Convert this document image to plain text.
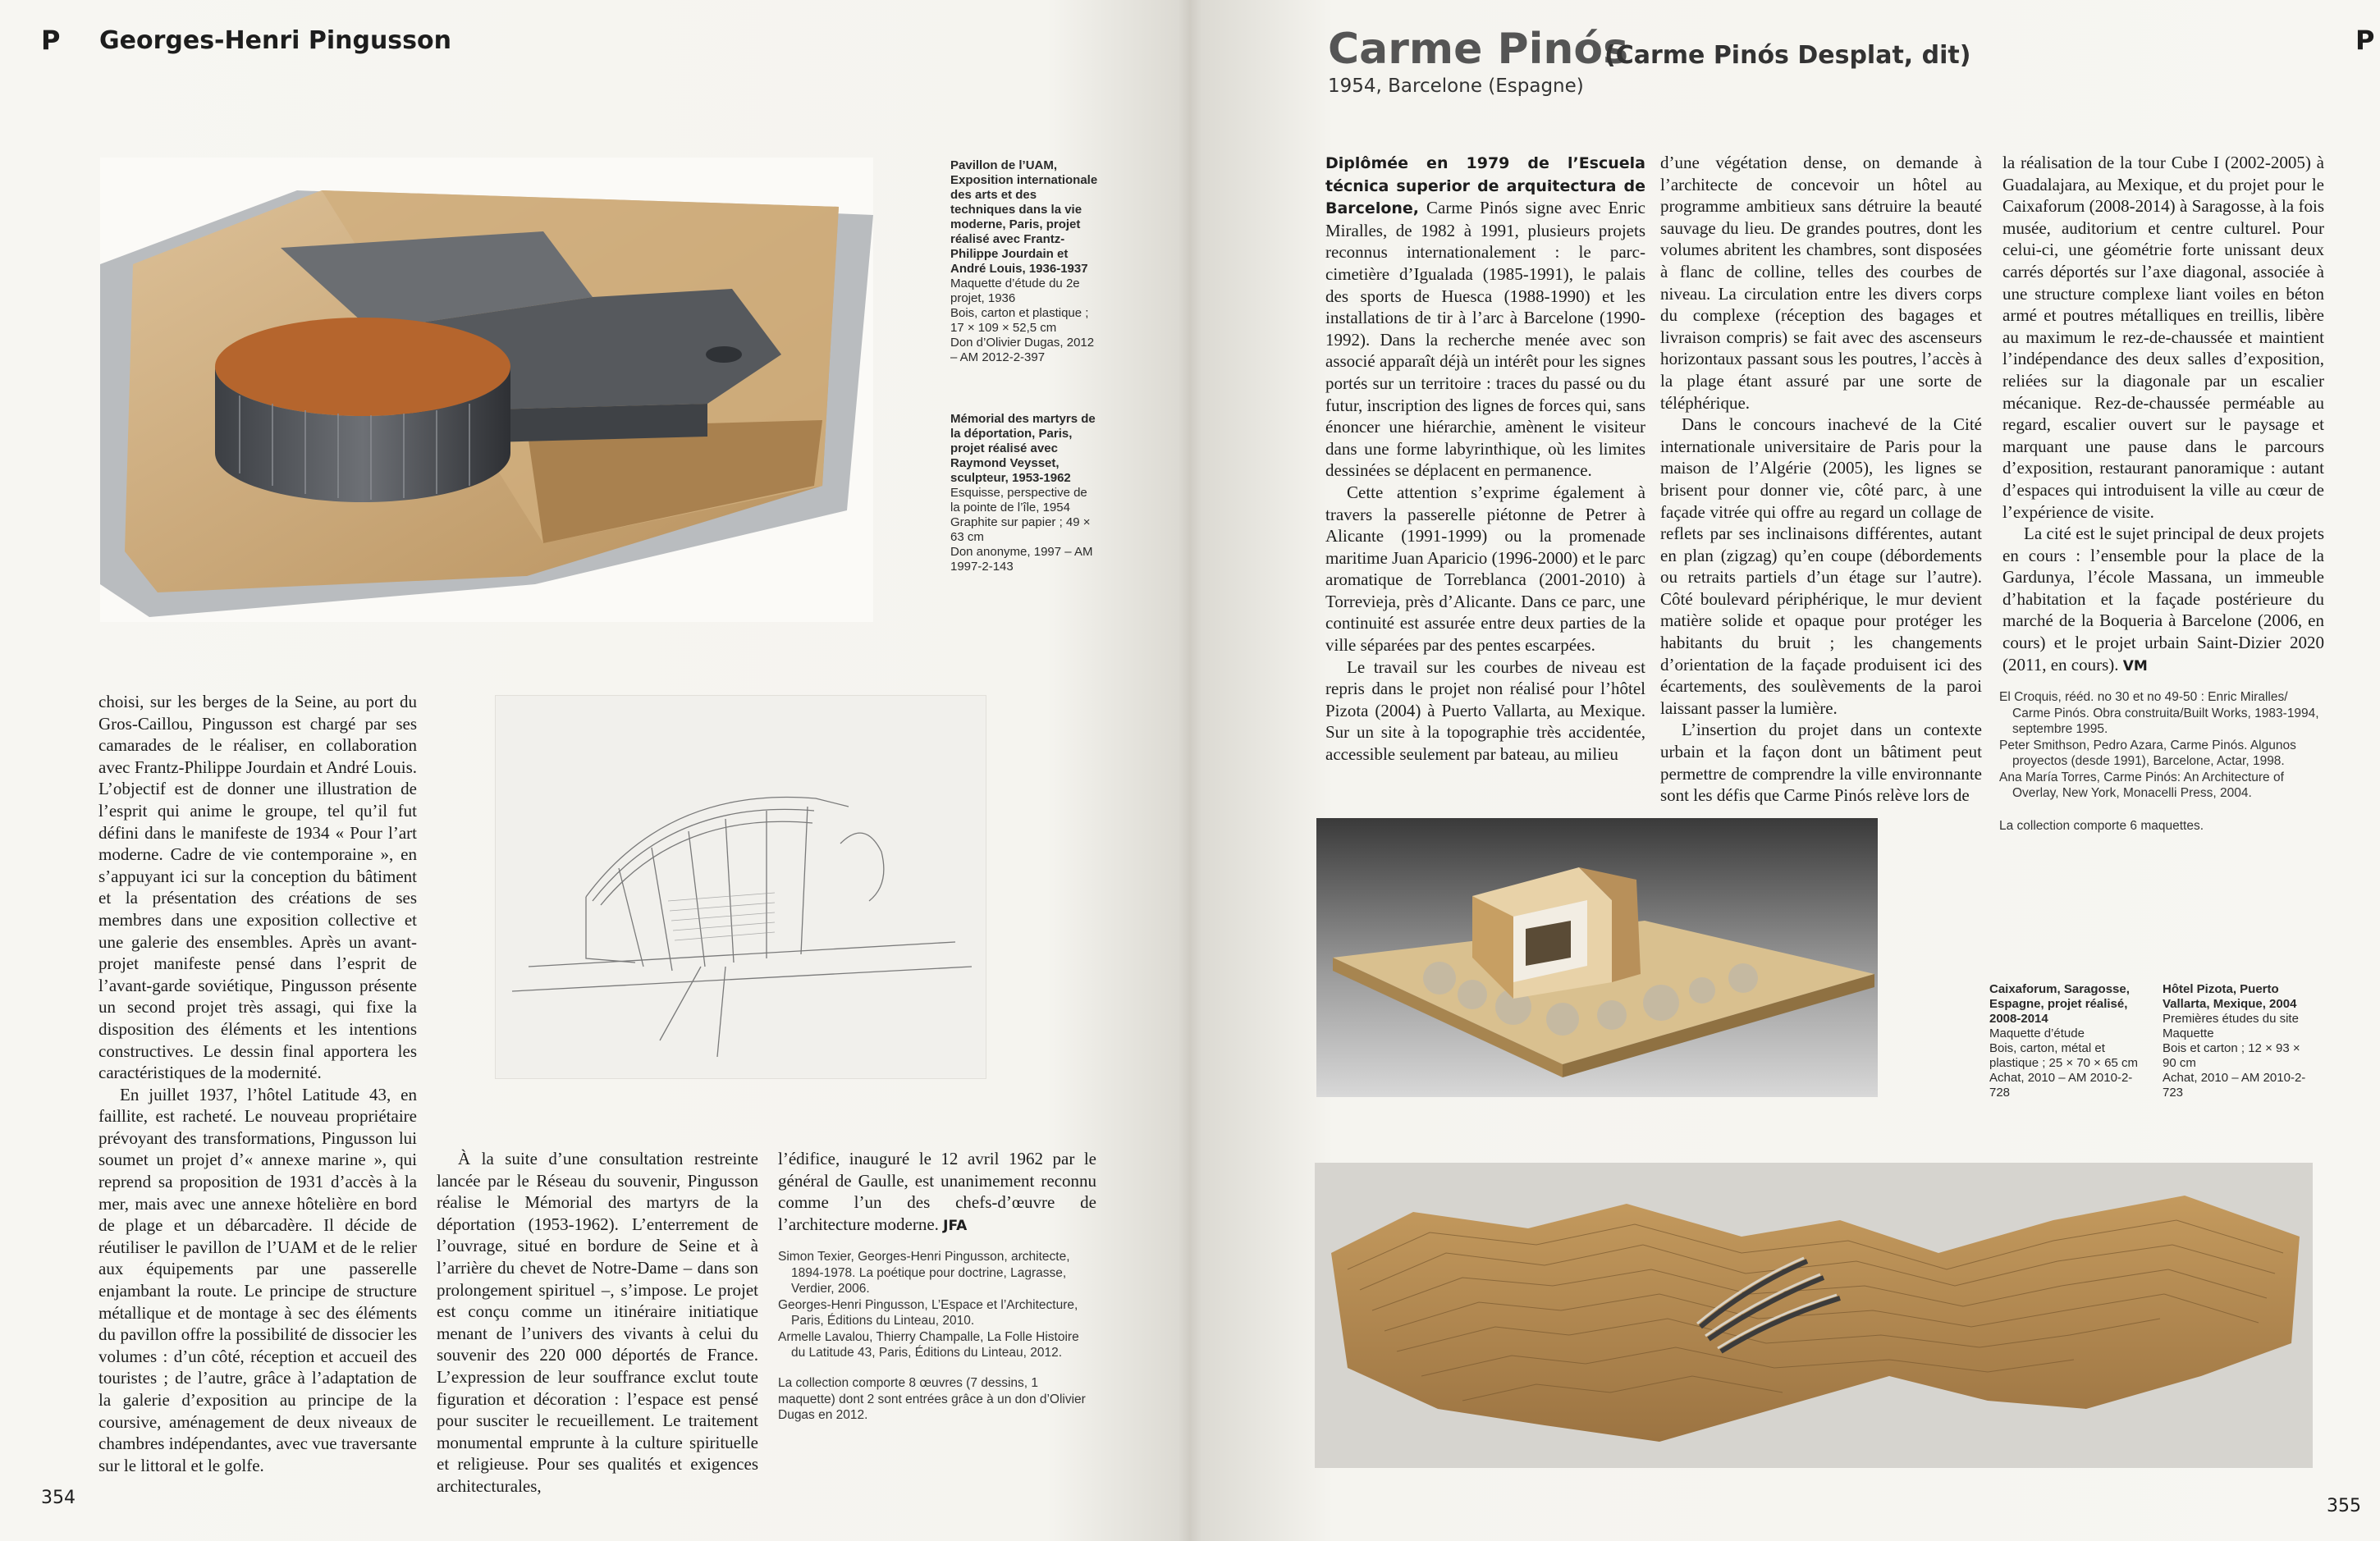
P Georges-Henri Pingusson
Pavillon de l’UAM, Exposition internationale des arts et des techniques dans la vie moderne, Paris, projet réalisé avec Frantz-Philippe Jourdain et André Louis, 1936-1937
Maquette d’étude du 2e projet, 1936
Bois, carton et plastique ; 17 × 109 × 52,5 cm
Don d’Olivier Dugas, 2012 – AM 2012-2-397
Mémorial des martyrs de la déportation, Paris, projet réalisé avec Raymond Veysset, sculpteur, 1953-1962
Esquisse, perspective de la pointe de l’île, 1954
Graphite sur papier ; 49 × 63 cm
Don anonyme, 1997 – AM 1997-2-143

choisi, sur les berges de la Seine, au port du Gros-Caillou, Pingusson est chargé par ses camarades de le réaliser, en collaboration avec Frantz-Philippe Jourdain et André Louis. L’objectif est de donner une illustration de l’esprit qui anime le groupe, tel qu’il fut défini dans le manifeste de 1934 « Pour l’art moderne. Cadre de vie contemporaine », en s’appuyant ici sur la conception du bâtiment et la présentation des créations de ses membres dans une exposition collective et une galerie des ensembles. Après un avant-projet manifeste pensé dans l’esprit de l’avant-garde soviétique, Pingusson présente un second projet très assagi, qui fixe la disposition des éléments et les intentions constructives. Le dessin final apportera les caractéristiques de la modernité.

En juillet 1937, l’hôtel Latitude 43, en faillite, est racheté. Le nouveau propriétaire prévoyant des transformations, Pingusson lui soumet un projet d’« annexe marine », qui reprend sa proposition de 1931 d’accès à la mer, mais avec une annexe hôtelière en bord de plage et un débarcadère. Il décide de réutiliser le pavillon de l’UAM et de le relier aux équipements par une passerelle enjambant la route. Le principe de structure métallique et de montage à sec des éléments du pavillon offre la possibilité de dissocier les volumes : d’un côté, réception et accueil des touristes ; de l’autre, grâce à l’adaptation de la galerie d’exposition au principe de la coursive, aménagement de deux niveaux de chambres indépendantes, avec vue traversante sur le littoral et le golfe.

À la suite d’une consultation restreinte lancée par le Réseau du souvenir, Pingusson réalise le Mémorial des martyrs de la déportation (1953-1962). L’enterrement de l’ouvrage, situé en bordure de Seine et à l’arrière du chevet de Notre-Dame – dans son prolongement spirituel –, s’impose. Le projet est conçu comme un itinéraire initiatique menant de l’univers des vivants à celui du souvenir des 220 000 déportés de France. L’expression de leur souffrance exclut toute figuration et décoration : l’espace est pensé pour susciter le recueillement. Le traitement monumental emprunte à la culture spirituelle et religieuse. Pour ses qualités et exigences architecturales,

l’édifice, inauguré le 12 avril 1962 par le général de Gaulle, est unanimement reconnu comme l’un des chefs-d’œuvre de l’architecture moderne. JFA

Simon Texier, Georges-Henri Pingusson, architecte, 1894-1978. La poétique pour doctrine, Lagrasse, Verdier, 2006.
Georges-Henri Pingusson, L’Espace et l’Architecture, Paris, Éditions du Linteau, 2010.
Armelle Lavalou, Thierry Champalle, La Folle Histoire du Latitude 43, Paris, Éditions du Linteau, 2012.
La collection comporte 8 œuvres (7 dessins, 1 maquette) dont 2 sont entrées grâce à un don d’Olivier Dugas en 2012.
354
Carme Pinós
(Carme Pinós Desplat, dit)
1954, Barcelone (Espagne)
P

Diplômée en 1979 de l’Escuela técnica superior de arquitectura de Barcelone, Carme Pinós signe avec Enric Miralles, de 1982 à 1991, plusieurs projets reconnus internationalement : le parc-cimetière d’Igualada (1985-1991), le palais des sports de Huesca (1988-1990) et les installations de tir à l’arc à Barcelone (1990-1992). Dans la recherche menée avec son associé apparaît déjà un intérêt pour les signes portés sur un territoire : traces du passé ou du futur, inscription des lignes de forces qui, sans énoncer une hiérarchie, amènent le visiteur dans une forme labyrinthique, où les limites dessinées se déplacent en permanence.

Cette attention s’exprime également à travers la passerelle piétonne de Petrer à Alicante (1991-1999) ou la promenade maritime Juan Aparicio (1996-2000) et le parc aromatique de Torreblanca (2001-2010) à Torrevieja, près d’Alicante. Dans ce parc, une continuité est assurée entre deux parties de la ville séparées par des pentes escarpées.

Le travail sur les courbes de niveau est repris dans le projet non réalisé pour l’hôtel Pizota (2004) à Puerto Vallarta, au Mexique. Sur un site à la topographie très accidentée, accessible seulement par bateau, au milieu

d’une végétation dense, on demande à l’architecte de concevoir un hôtel au programme ambitieux sans détruire la beauté sauvage du lieu. De grandes poutres, dont les volumes abritent les chambres, sont disposées à flanc de colline, telles des courbes de niveau. La circulation entre les divers corps du complexe (réception des bagages et livraison compris) se fait avec des ascenseurs horizontaux passant sous les poutres, l’accès à la plage étant assuré par une sorte de téléphérique.

Dans le concours inachevé de la Cité internationale universitaire de Paris pour la maison de l’Algérie (2005), les lignes se brisent pour donner vie, côté parc, à une façade vitrée qui offre au regard un collage de reflets par ses inclinaisons différentes, autant en plan (zigzag) qu’en coupe (débordements ou retraits partiels d’un étage sur l’autre). Côté boulevard périphérique, le mur devient matière solide et opaque pour protéger les habitants du bruit ; les changements d’orientation de la façade produisent ici des écartements, des soulèvements de la paroi laissant passer la lumière.

L’insertion du projet dans un contexte urbain et la façon dont un bâtiment peut permettre de comprendre la ville environnante sont les défis que Carme Pinós relève lors de

la réalisation de la tour Cube I (2002-2005) à Guadalajara, au Mexique, et du projet pour le Caixaforum (2008-2014) à Saragosse, à la fois musée, auditorium et centre culturel. Pour celui-ci, une géométrie forte unissant deux carrés déportés sur l’axe diagonal, associée à une structure complexe liant voiles en béton armé et poutres métalliques en treillis, libère au maximum le rez-de-chaussée et maintient l’indépendance des deux salles d’exposition, reliées sur la diagonale par un escalier mécanique. Rez-de-chaussée perméable au regard, escalier ouvert sur le paysage et marquant une pause dans le parcours d’exposition, restaurant panoramique : autant d’espaces qui introduisent la ville au cœur de l’expérience de visite.

La cité est le sujet principal de deux projets en cours : l’ensemble pour la place de la Gardunya, l’école Massana, un immeuble d’habitation et la façade postérieure du marché de la Boqueria à Barcelone (2006, en cours) et le projet urbain Saint-Dizier 2020 (2011, en cours). VM

El Croquis, rééd. no 30 et no 49-50 : Enric Miralles/ Carme Pinós. Obra construita/Built Works, 1983-1994, septembre 1995.
Peter Smithson, Pedro Azara, Carme Pinós. Algunos proyectos (desde 1991), Barcelone, Actar, 1998.
Ana María Torres, Carme Pinós: An Architecture of Overlay, New York, Monacelli Press, 2004.
La collection comporte 6 maquettes.
Caixaforum, Saragosse, Espagne, projet réalisé, 2008-2014
Maquette d’étude
Bois, carton, métal et plastique ; 25 × 70 × 65 cm
Achat, 2010 – AM 2010-2-728
Hôtel Pizota, Puerto Vallarta, Mexique, 2004
Premières études du site
Maquette
Bois et carton ; 12 × 93 × 90 cm
Achat, 2010 – AM 2010-2-723
355
